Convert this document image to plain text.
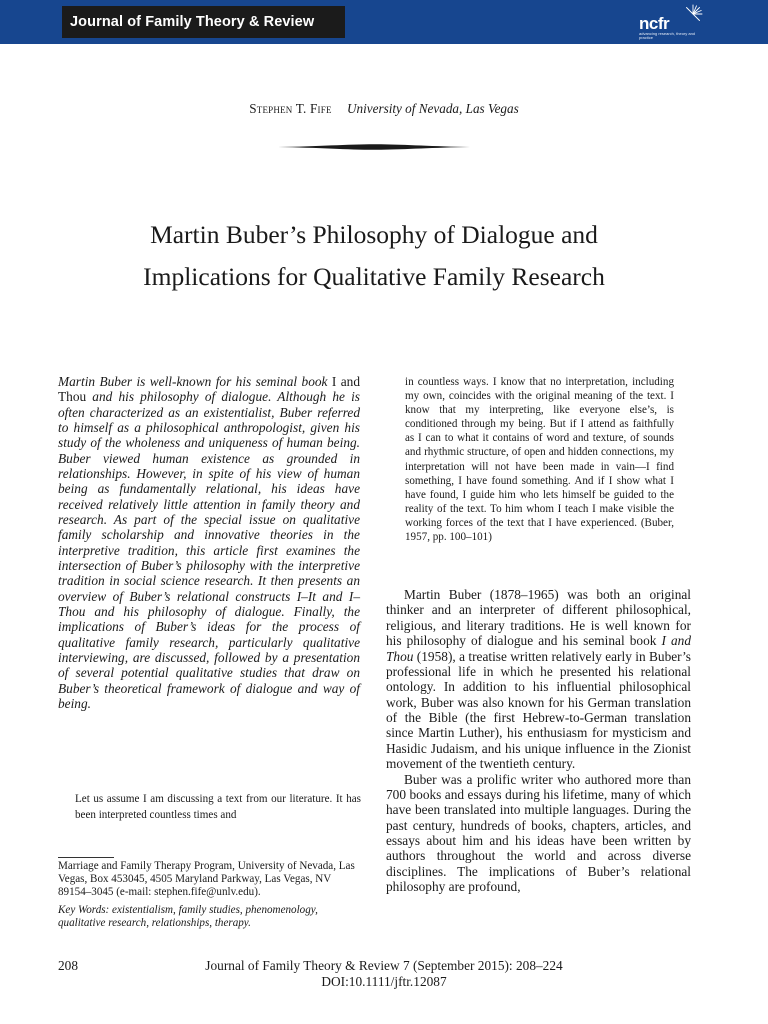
Journal of Family Theory & Review	ncfr
advancing research, theory and practice
Stephen T. Fife University of Nevada, Las Vegas
Martin Buber’s Philosophy of Dialogue and
Implications for Qualitative Family Research
Martin Buber is well-known for his seminal book I and Thou and his philosophy of dialogue. Although he is often characterized as an existentialist, Buber referred to himself as a philosophical anthropologist, given his study of the wholeness and uniqueness of human being. Buber viewed human existence as grounded in relationships. However, in spite of his view of human being as fundamentally relational, his ideas have received relatively little attention in family theory and research. As part of the special issue on qualitative family scholarship and innovative theories in the interpretive tradition, this article first examines the intersection of Buber’s philosophy with the interpretive tradition in social science research. It then presents an overview of Buber’s relational constructs I–It and I–Thou and his philosophy of dialogue. Finally, the implications of Buber’s ideas for the process of qualitative family research, particularly qualitative interviewing, are discussed, followed by a presentation of several potential qualitative studies that draw on Buber’s theoretical framework of dialogue and way of being.
Let us assume I am discussing a text from our literature. It has been interpreted countless times and
Marriage and Family Therapy Program, University of Nevada, Las Vegas, Box 453045, 4505 Maryland Parkway, Las Vegas, NV 89154–3045 (e-mail: stephen.fife@unlv.edu).
Key Words: existentialism, family studies, phenomenology, qualitative research, relationships, therapy.
in countless ways. I know that no interpretation, including my own, coincides with the original meaning of the text. I know that my interpreting, like everyone else’s, is conditioned through my being. But if I attend as faithfully as I can to what it contains of word and texture, of sounds and rhythmic structure, of open and hidden connections, my interpretation will not have been made in vain—I find something, I have found something. And if I show what I have found, I guide him who lets himself be guided to the reality of the text. To him whom I teach I make visible the working forces of the text that I have experienced. (Buber, 1957, pp. 100–101)

Martin Buber (1878–1965) was both an original thinker and an interpreter of different philosophical, religious, and literary traditions. He is well known for his philosophy of dialogue and his seminal book I and Thou (1958), a treatise written relatively early in Buber’s professional life in which he presented his relational ontology. In addition to his influential philosophical work, Buber was also known for his German translation of the Bible (the first Hebrew-to-German translation since Martin Luther), his enthusiasm for mysticism and Hasidic Judaism, and his unique influence in the Zionist movement of the twentieth century.

Buber was a prolific writer who authored more than 700 books and essays during his lifetime, many of which have been translated into multiple languages. During the past century, hundreds of books, chapters, articles, and essays about him and his ideas have been written by authors throughout the world and across diverse disciplines. The implications of Buber’s relational philosophy are profound,

208	Journal of Family Theory & Review 7 (September 2015): 208–224
DOI:10.1111/jftr.12087
